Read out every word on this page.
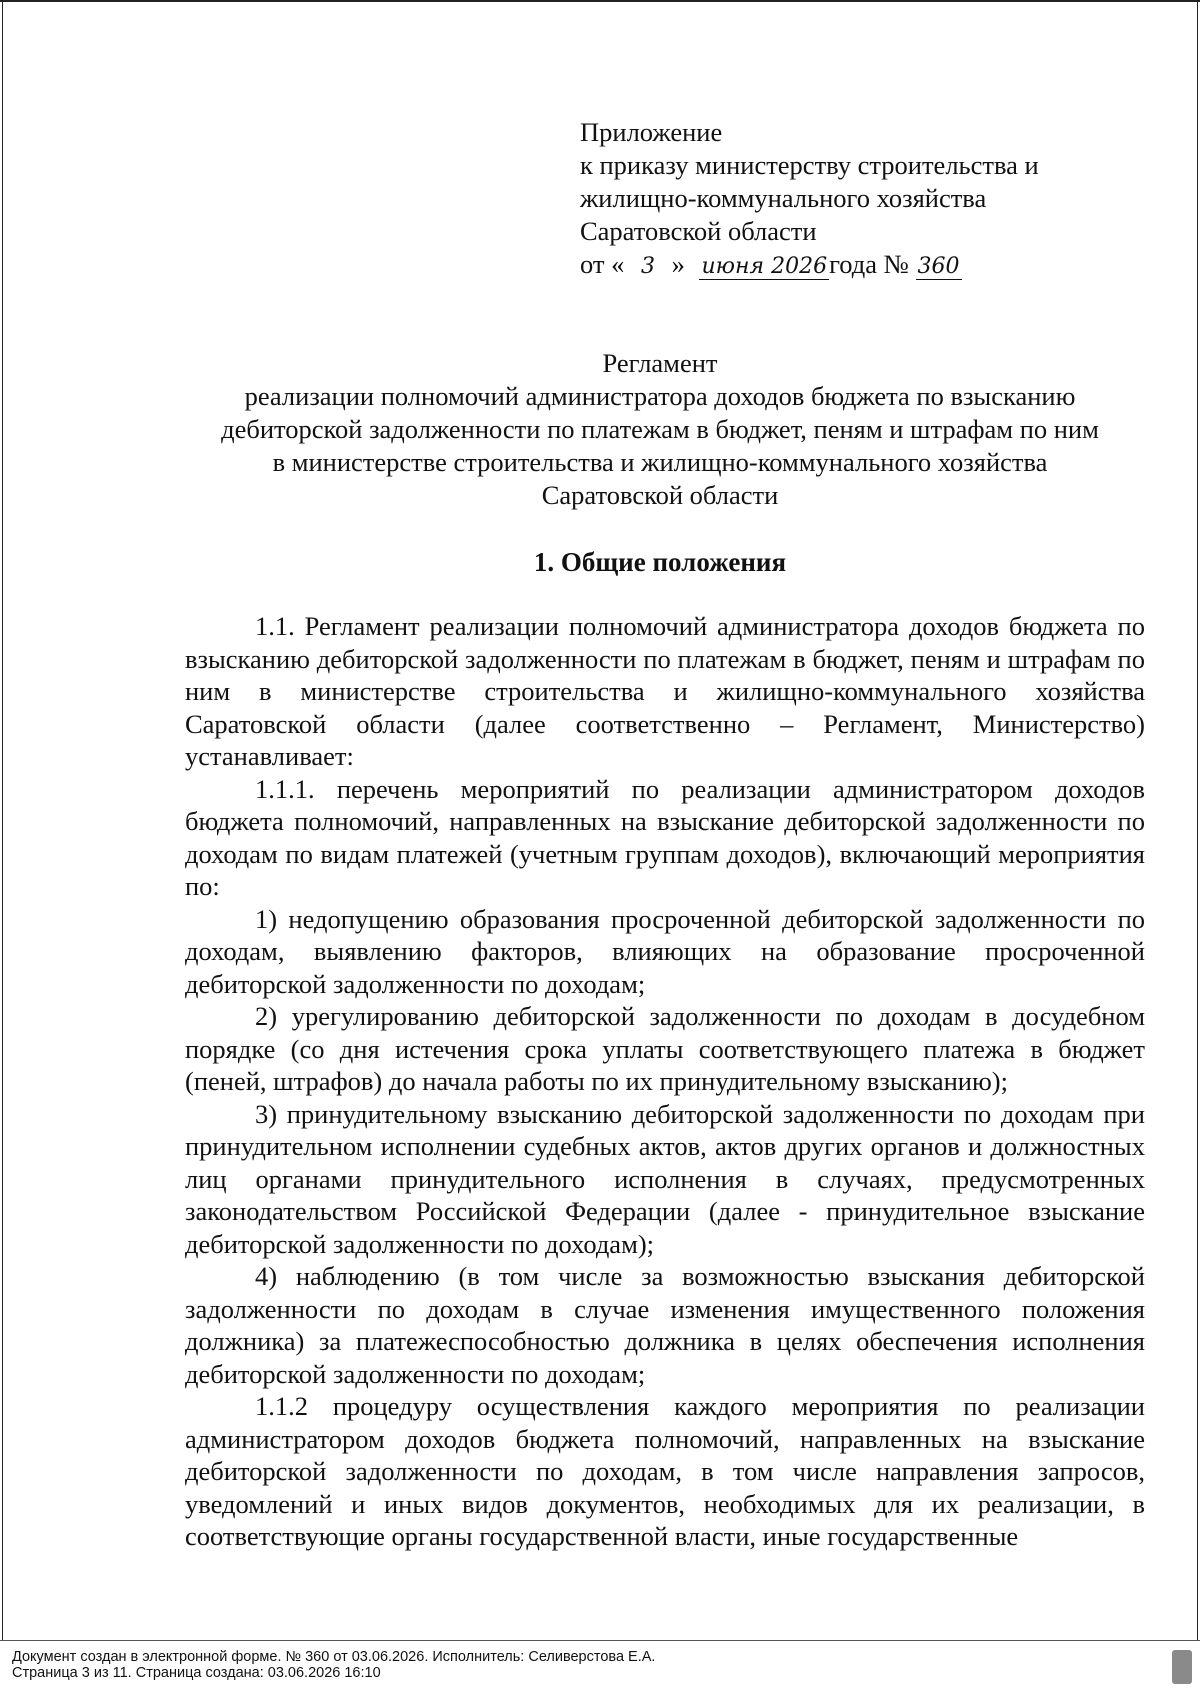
Приложение
к приказу министерству строительства и
жилищно-коммунального хозяйства
Саратовской области
от « 3 » июня 2026года № 360
Регламент
реализации полномочий администратора доходов бюджета по взысканию
дебиторской задолженности по платежам в бюджет, пеням и штрафам по ним
в министерстве строительства и жилищно-коммунального хозяйства
Саратовской области
1. Общие положения

1.1. Регламент реализации полномочий администратора доходов бюджета по взысканию дебиторской задолженности по платежам в бюджет, пеням и штрафам по ним в министерстве строительства и жилищно-коммунального хозяйства Саратовской области (далее соответственно – Регламент, Министерство) устанавливает:

1.1.1. перечень мероприятий по реализации администратором доходов бюджета полномочий, направленных на взыскание дебиторской задолженности по доходам по видам платежей (учетным группам доходов), включающий мероприятия по:

1) недопущению образования просроченной дебиторской задолженности по доходам, выявлению факторов, влияющих на образование просроченной дебиторской задолженности по доходам;

2) урегулированию дебиторской задолженности по доходам в досудебном порядке (со дня истечения срока уплаты соответствующего платежа в бюджет (пеней, штрафов) до начала работы по их принудительному взысканию);

3) принудительному взысканию дебиторской задолженности по доходам при принудительном исполнении судебных актов, актов других органов и должностных лиц органами принудительного исполнения в случаях, предусмотренных законодательством Российской Федерации (далее - принудительное взыскание дебиторской задолженности по доходам);

4) наблюдению (в том числе за возможностью взыскания дебиторской задолженности по доходам в случае изменения имущественного положения должника) за платежеспособностью должника в целях обеспечения исполнения дебиторской задолженности по доходам;

1.1.2 процедуру осуществления каждого мероприятия по реализации администратором доходов бюджета полномочий, направленных на взыскание дебиторской задолженности по доходам, в том числе направления запросов, уведомлений и иных видов документов, необходимых для их реализации, в соответствующие органы государственной власти, иные государственные

Документ создан в электронной форме. № 360 от 03.06.2026. Исполнитель: Селиверстова Е.А.
Страница 3 из 11. Страница создана: 03.06.2026 16:10
